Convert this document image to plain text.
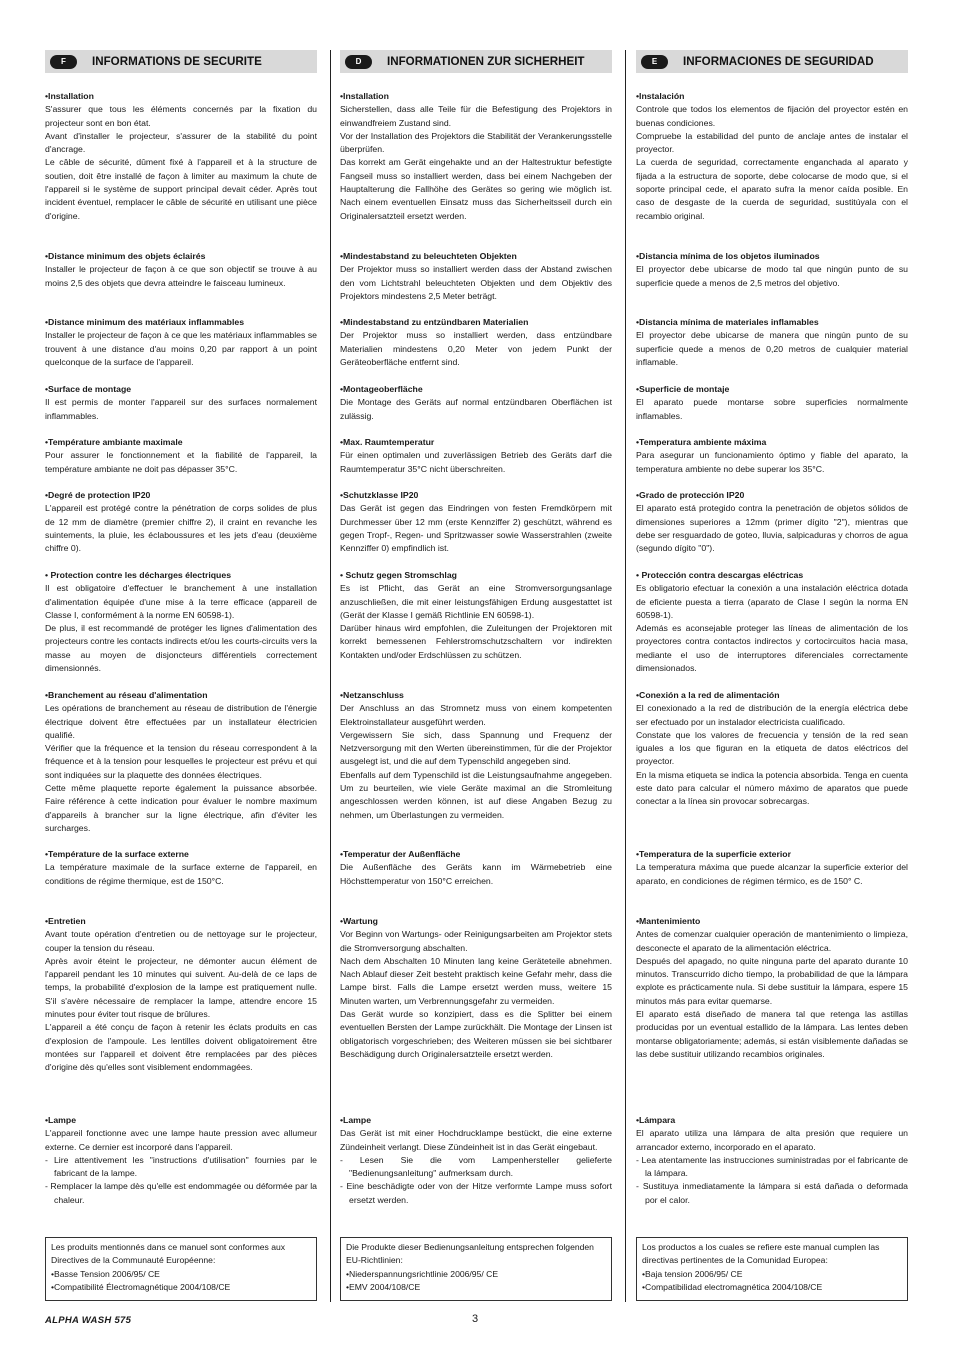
F	INFORMATIONS DE SECURITE
• Installation
S'assurer que tous les éléments concernés par la fixation du projecteur sont en bon état.
Avant d'installer le projecteur, s'assurer de la stabilité du point d'ancrage.
Le câble de sécurité, dûment fixé à l'appareil et à la structure de soutien, doit être installé de façon à limiter au maximum la chute de l'appareil si le système de support principal devait céder. Après tout incident éventuel, remplacer le câble de sécurité en utilisant une pièce d'origine.
• Distance minimum des objets éclairés
Installer le projecteur de façon à ce que son objectif se trouve à au moins 2,5 des objets que devra atteindre le faisceau lumineux.
• Distance minimum des matériaux inflammables
Installer le projecteur de façon à ce que les matériaux inflammables se trouvent à une distance d'au moins 0,20 par rapport à un point quelconque de la surface de l'appareil.
• Surface de montage
Il est permis de monter l'appareil sur des surfaces normalement inflammables.
• Température ambiante maximale
Pour assurer le fonctionnement et la fiabilité de l'appareil, la température ambiante ne doit pas dépasser 35°C.
• Degré de protection IP20
L'appareil est protégé contre la pénétration de corps solides de plus de 12 mm de diamètre (premier chiffre 2), il craint en revanche les suintements, la pluie, les éclaboussures et les jets d'eau (deuxième chiffre 0).
• Protection contre les décharges électriques
Il est obligatoire d'effectuer le branchement à une installation d'alimentation équipée d'une mise à la terre efficace (appareil de Classe I, conformément à la norme EN 60598-1).
De plus, il est recommandé de protéger les lignes d'alimentation des projecteurs contre les contacts indirects et/ou les courts-circuits vers la masse au moyen de disjoncteurs différentiels correctement dimensionnés.
• Branchement au réseau d'alimentation
Les opérations de branchement au réseau de distribution de l'énergie électrique doivent être effectuées par un installateur électricien qualifié.
Vérifier que la fréquence et la tension du réseau correspondent à la fréquence et à la tension pour lesquelles le projecteur est prévu et qui sont indiquées sur la plaquette des données électriques.
Cette même plaquette reporte également la puissance absorbée. Faire référence à cette indication pour évaluer le nombre maximum d'appareils à brancher sur la ligne électrique, afin d'éviter les surcharges.
• Température de la surface externe
La température maximale de la surface externe de l'appareil, en conditions de régime thermique, est de 150°C.
• Entretien
Avant toute opération d'entretien ou de nettoyage sur le projecteur, couper la tension du réseau.
Après avoir éteint le projecteur, ne démonter aucun élément de l'appareil pendant les 10 minutes qui suivent. Au-delà de ce laps de temps, la probabilité d'explosion de la lampe est pratiquement nulle. S'il s'avère nécessaire de remplacer la lampe, attendre encore 15 minutes pour éviter tout risque de brûlures.
L'appareil a été conçu de façon à retenir les éclats produits en cas d'explosion de l'ampoule. Les lentilles doivent obligatoirement être montées sur l'appareil et doivent être remplacées par des pièces d'origine dès qu'elles sont visiblement endommagées.
• Lampe
L'appareil fonctionne avec une lampe haute pression avec allumeur externe. Ce dernier est incorporé dans l'appareil.
- Lire attentivement les "instructions d'utilisation" fournies par le fabricant de la lampe.
- Remplacer la lampe dès qu'elle est endommagée ou déformée par la chaleur.
Les produits mentionnés dans ce manuel sont conformes aux Directives de la Communauté Européenne:
• Basse Tension 2006/95/ CE
• Compatibilité Électromagnétique 2004/108/CE
D	INFORMATIONEN ZUR SICHERHEIT
• Installation
Sicherstellen, dass alle Teile für die Befestigung des Projektors in einwandfreiem Zustand sind.
Vor der Installation des Projektors die Stabilität der Verankerungsstelle überprüfen.
Das korrekt am Gerät eingehakte und an der Haltestruktur befestigte Fangseil muss so installiert werden, dass bei einem Nachgeben der Hauptalterung die Fallhöhe des Gerätes so gering wie möglich ist. Nach einem eventuellen Einsatz muss das Sicherheitsseil durch ein Originalersatzteil ersetzt werden.
• Mindestabstand zu beleuchteten Objekten
Der Projektor muss so installiert werden dass der Abstand zwischen den vom Lichtstrahl beleuchteten Objekten und dem Objektiv des Projektors mindestens 2,5 Meter beträgt.
• Mindestabstand zu entzündbaren Materialien
Der Projektor muss so installiert werden, dass entzündbare Materialien mindestens 0,20 Meter von jedem Punkt der Geräteoberfläche entfernt sind.
• Montageoberfläche
Die Montage des Geräts auf normal entzündbaren Oberflächen ist zulässig.
• Max. Raumtemperatur
Für einen optimalen und zuverlässigen Betrieb des Geräts darf die Raumtemperatur 35°C nicht überschreiten.
• Schutzklasse IP20
Das Gerät ist gegen das Eindringen von festen Fremdkörpern mit Durchmesser über 12 mm (erste Kennziffer 2) geschützt, während es gegen Tropf-, Regen- und Spritzwasser sowie Wasserstrahlen (zweite Kennziffer 0) empfindlich ist.
• Schutz gegen Stromschlag
Es ist Pflicht, das Gerät an eine Stromversorgungsanlage anzuschließen, die mit einer leistungsfähigen Erdung ausgestattet ist (Gerät der Klasse I gemäß Richtlinie EN 60598-1).
Darüber hinaus wird empfohlen, die Zuleitungen der Projektoren mit korrekt bemessenen Fehlerstromschutzschaltern vor indirekten Kontakten und/oder Erdschlüssen zu schützen.
• Netzanschluss
Der Anschluss an das Stromnetz muss von einem kompetenten Elektroinstallateur ausgeführt werden.
Vergewissern Sie sich, dass Spannung und Frequenz der Netzversorgung mit den Werten übereinstimmen, für die der Projektor ausgelegt ist, und die auf dem Typenschild angegeben sind.
Ebenfalls auf dem Typenschild ist die Leistungsaufnahme angegeben. Um zu beurteilen, wie viele Geräte maximal an die Stromleitung angeschlossen werden können, ist auf diese Angaben Bezug zu nehmen, um Überlastungen zu vermeiden.
• Temperatur der Außenfläche
Die Außenfläche des Geräts kann im Wärmebetrieb eine Höchsttemperatur von 150°C erreichen.
• Wartung
Vor Beginn von Wartungs- oder Reinigungsarbeiten am Projektor stets die Stromversorgung abschalten.
Nach dem Abschalten 10 Minuten lang keine Geräteteile abnehmen. Nach Ablauf dieser Zeit besteht praktisch keine Gefahr mehr, dass die Lampe birst. Falls die Lampe ersetzt werden muss, weitere 15 Minuten warten, um Verbrennungsgefahr zu vermeiden.
Das Gerät wurde so konzipiert, dass es die Splitter bei einem eventuellen Bersten der Lampe zurückhält. Die Montage der Linsen ist obligatorisch vorgeschrieben; des Weiteren müssen sie bei sichtbarer Beschädigung durch Originalersatzteile ersetzt werden.
• Lampe
Das Gerät ist mit einer Hochdrucklampe bestückt, die eine externe Zündeinheit verlangt. Diese Zündeinheit ist in das Gerät eingebaut.
- Lesen Sie die vom Lampenhersteller gelieferte "Bedienungsanleitung" aufmerksam durch.
- Eine beschädigte oder von der Hitze verformte Lampe muss sofort ersetzt werden.
Die Produkte dieser Bedienungsanleitung entsprechen folgenden EU-Richtlinien:
• Niederspannungsrichtlinie 2006/95/ CE
• EMV 2004/108/CE
E	INFORMACIONES DE SEGURIDAD
• Instalación
Controle que todos los elementos de fijación del proyector estén en buenas condiciones.
Compruebe la estabilidad del punto de anclaje antes de instalar el proyector.
La cuerda de seguridad, correctamente enganchada al aparato y fijada a la estructura de soporte, debe colocarse de modo que, si el soporte principal cede, el aparato sufra la menor caída posible. En caso de desgaste de la cuerda de seguridad, sustitúyala con el recambio original.
• Distancia mínima de los objetos iluminados
El proyector debe ubicarse de modo tal que ningún punto de su superficie quede a menos de 2,5 metros del objetivo.
• Distancia mínima de materiales inflamables
El proyector debe ubicarse de manera que ningún punto de su superficie quede a menos de 0,20 metros de cualquier material inflamable.
• Superficie de montaje
El aparato puede montarse sobre superficies normalmente inflamables.
• Temperatura ambiente máxima
Para asegurar un funcionamiento óptimo y fiable del aparato, la temperatura ambiente no debe superar los 35°C.
• Grado de protección IP20
El aparato está protegido contra la penetración de objetos sólidos de dimensiones superiores a 12mm (primer dígito "2"), mientras que debe ser resguardado de goteo, lluvia, salpicaduras y chorros de agua (segundo dígito "0").
• Protección contra descargas eléctricas
Es obligatorio efectuar la conexión a una instalación eléctrica dotada de eficiente puesta a tierra (aparato de Clase I según la norma EN 60598-1).
Además es aconsejable proteger las líneas de alimentación de los proyectores contra contactos indirectos y cortocircuitos hacia masa, mediante el uso de interruptores diferenciales correctamente dimensionados.
• Conexión a la red de alimentación
El conexionado a la red de distribución de la energía eléctrica debe ser efectuado por un instalador electricista cualificado.
Constate que los valores de frecuencia y tensión de la red sean iguales a los que figuran en la etiqueta de datos eléctricos del proyector.
En la misma etiqueta se indica la potencia absorbida. Tenga en cuenta este dato para calcular el número máximo de aparatos que puede conectar a la línea sin provocar sobrecargas.
• Temperatura de la superficie exterior
La temperatura máxima que puede alcanzar la superficie exterior del aparato, en condiciones de régimen térmico, es de 150° C.
• Mantenimiento
Antes de comenzar cualquier operación de mantenimiento o limpieza, desconecte el aparato de la alimentación eléctrica.
Después del apagado, no quite ninguna parte del aparato durante 10 minutos. Transcurrido dicho tiempo, la probabilidad de que la lámpara explote es prácticamente nula. Si debe sustituir la lámpara, espere 15 minutos más para evitar quemarse.
El aparato está diseñado de manera tal que retenga las astillas producidas por un eventual estallido de la lámpara. Las lentes deben montarse obligatoriamente; además, si están visiblemente dañadas se las debe sustituir utilizando recambios originales.
• Lámpara
El aparato utiliza una lámpara de alta presión que requiere un arrancador externo, incorporado en el aparato.
- Lea atentamente las instrucciones suministradas por el fabricante de la lámpara.
- Sustituya inmediatamente la lámpara si está dañada o deformada por el calor.
Los productos a los cuales se refiere este manual cumplen las directivas pertinentes de la Comunidad Europea:
• Baja tension 2006/95/ CE
• Compatibilidad electromagnética 2004/108/CE
ALPHA WASH 575	3
